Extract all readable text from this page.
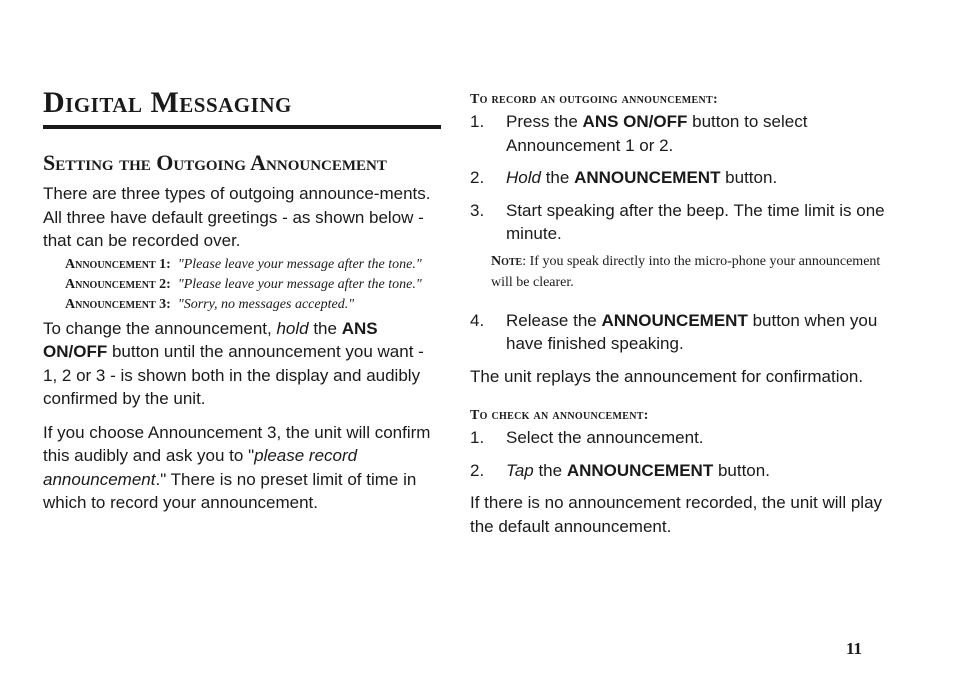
Digital Messaging
Setting the Outgoing Announcement

There are three types of outgoing announce-ments. All three have default greetings - as shown below - that can be recorded over.

Announcement 1: "Please leave your message after the tone."
Announcement 2: "Please leave your message after the tone."
Announcement 3: "Sorry, no messages accepted."

To change the announcement, hold the ANS ON/OFF button until the announcement you want - 1, 2 or 3 - is shown both in the display and audibly confirmed by the unit.

If you choose Announcement 3, the unit will confirm this audibly and ask you to "please record announcement." There is no preset limit of time in which to record your announcement.

To record an outgoing announcement:
1. Press the ANS ON/OFF button to select Announcement 1 or 2.
2. Hold the ANNOUNCEMENT button.
3. Start speaking after the beep. The time limit is one minute.
Note: If you speak directly into the micro-phone your announcement will be clearer.
4. Release the ANNOUNCEMENT button when you have finished speaking.

The unit replays the announcement for confirmation.

To check an announcement:
1. Select the announcement.
2. Tap the ANNOUNCEMENT button.

If there is no announcement recorded, the unit will play the default announcement.

11
